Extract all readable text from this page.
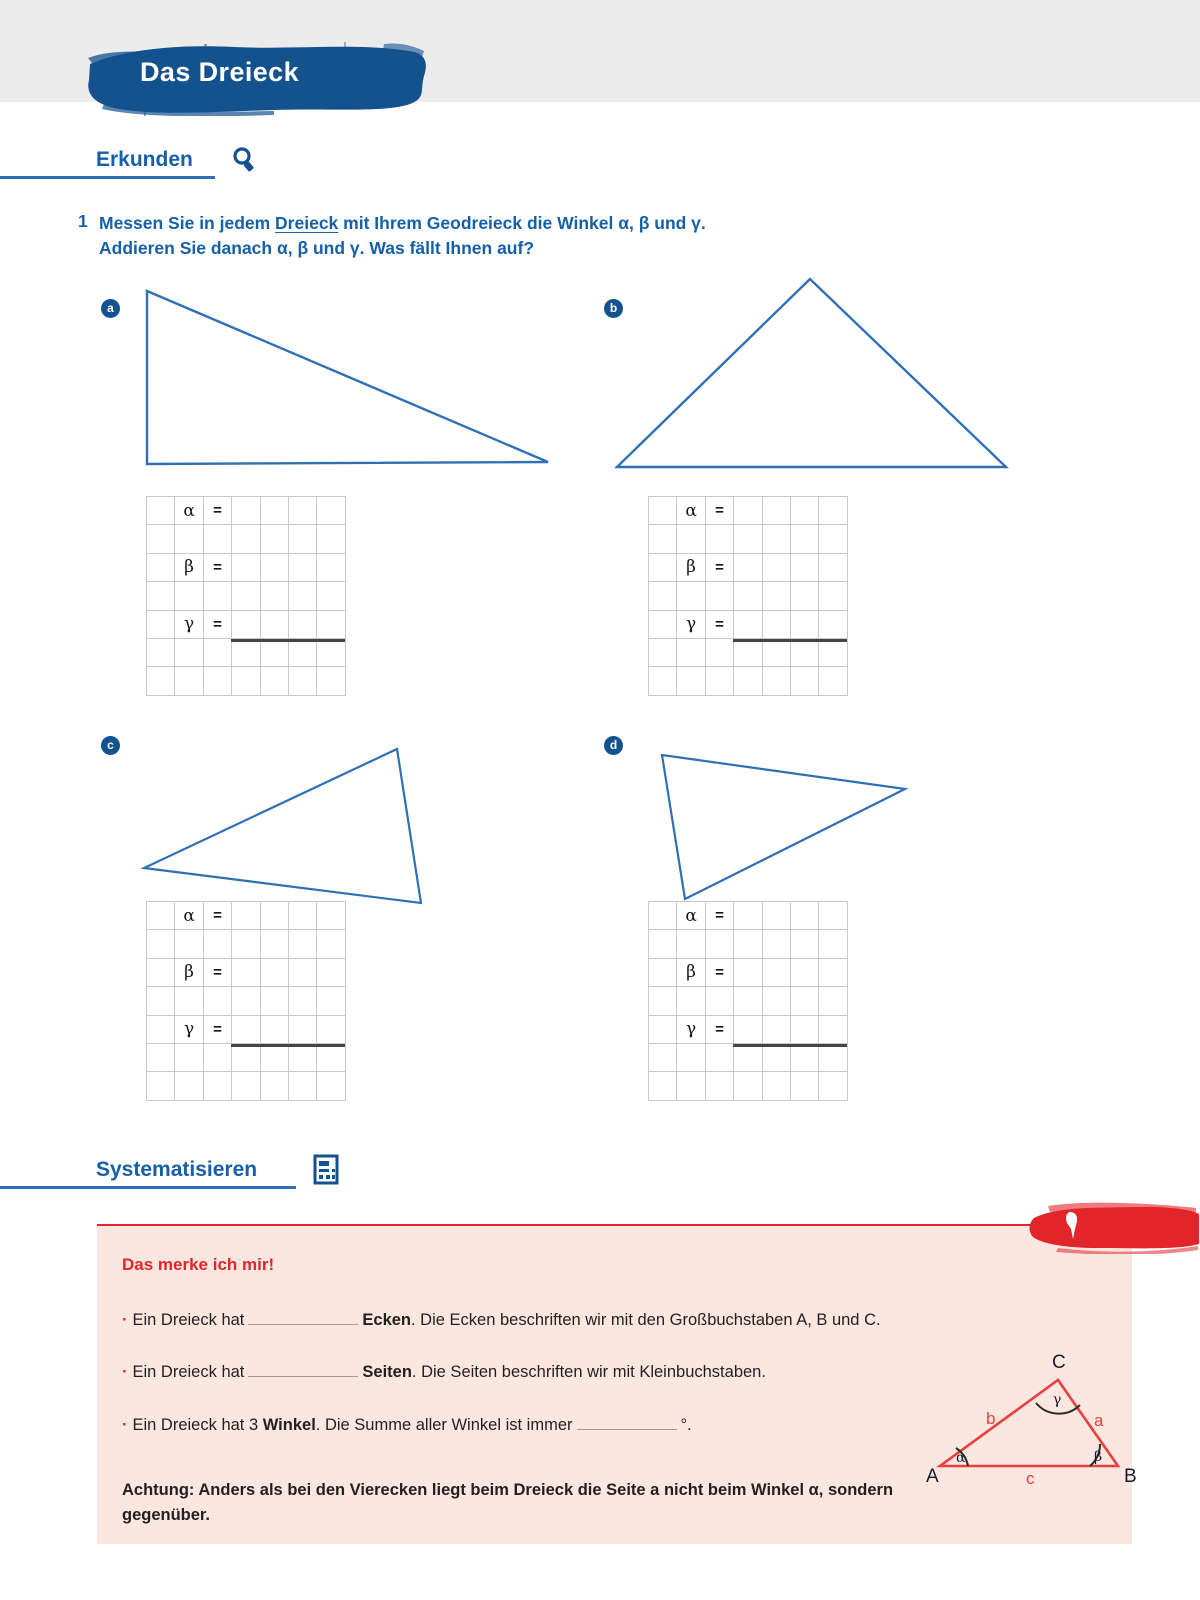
Das Dreieck
Erkunden
1 Messen Sie in jedem Dreieck mit Ihrem Geodreieck die Winkel α, β und γ.
Addieren Sie danach α, β und γ. Was fällt Ihnen auf?
a
α	=
β	=
γ	=
b
α	=
β	=
γ	=
c
α	=
β	=
γ	=
d
α	=
β	=
γ	=
Systematisieren
Das merke ich mir!
· Ein Dreieck hat	Ecken. Die Ecken beschriften wir mit den Großbuchstaben A, B und C.
· Ein Dreieck hat	Seiten. Die Seiten beschriften wir mit Kleinbuchstaben.
· Ein Dreieck hat 3 Winkel. Die Summe aller Winkel ist immer	°.
Achtung: Anders als bei den Vierecken liegt beim Dreieck die Seite a nicht beim Winkel α, sondern gegenüber.
A	B
C
a
b
c
α	β
γ
